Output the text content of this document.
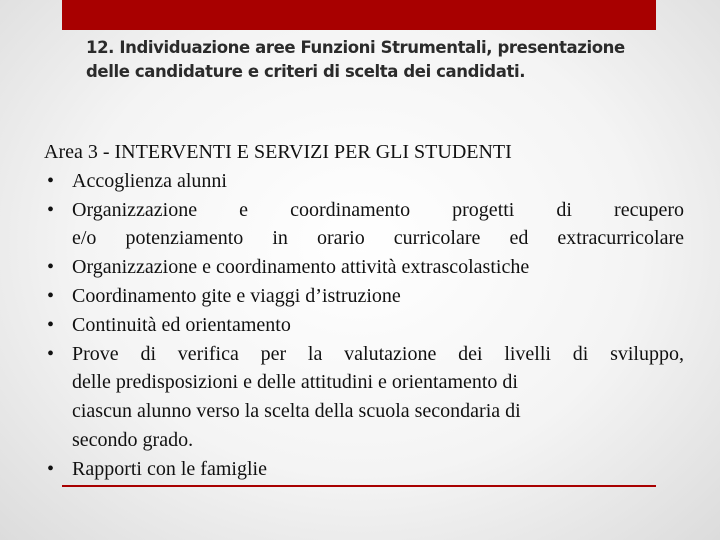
12. Individuazione aree Funzioni Strumentali, presentazione
delle candidature e criteri di scelta dei candidati.

Area 3 - INTERVENTI E SERVIZI PER GLI STUDENTI

• Accoglienza alunni
• Organizzazione e coordinamento progetti di recupero
e/o potenziamento in orario curricolare ed extracurricolare
• Organizzazione e coordinamento attività extrascolastiche
• Coordinamento gite e viaggi d’istruzione
• Continuità ed orientamento
• Prove di verifica per la valutazione dei livelli di sviluppo,
delle predisposizioni e delle attitudini e orientamento di
ciascun alunno verso la scelta della scuola secondaria di
secondo grado.
• Rapporti con le famiglie
